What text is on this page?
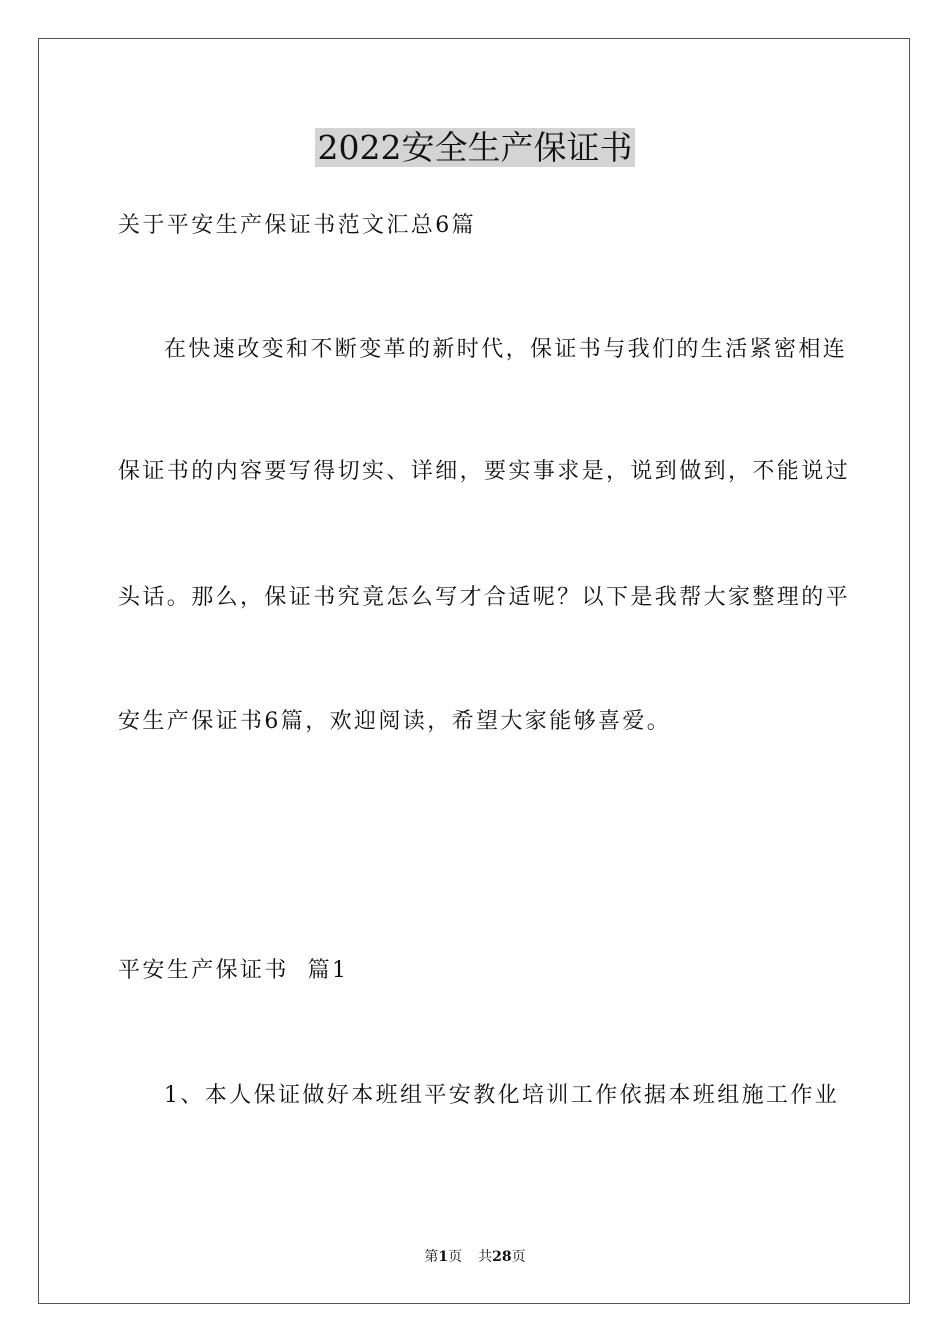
2022安全生产保证书
关于平安生产保证书范文汇总6篇
在快速改变和不断变革的新时代，保证书与我们的生活紧密相连
保证书的内容要写得切实、详细，要实事求是，说到做到，不能说过
头话。那么，保证书究竟怎么写才合适呢？以下是我帮大家整理的平
安生产保证书6篇，欢迎阅读，希望大家能够喜爱。
平安生产保证书  篇1
1、本人保证做好本班组平安教化培训工作依据本班组施工作业
第1页 共28页
